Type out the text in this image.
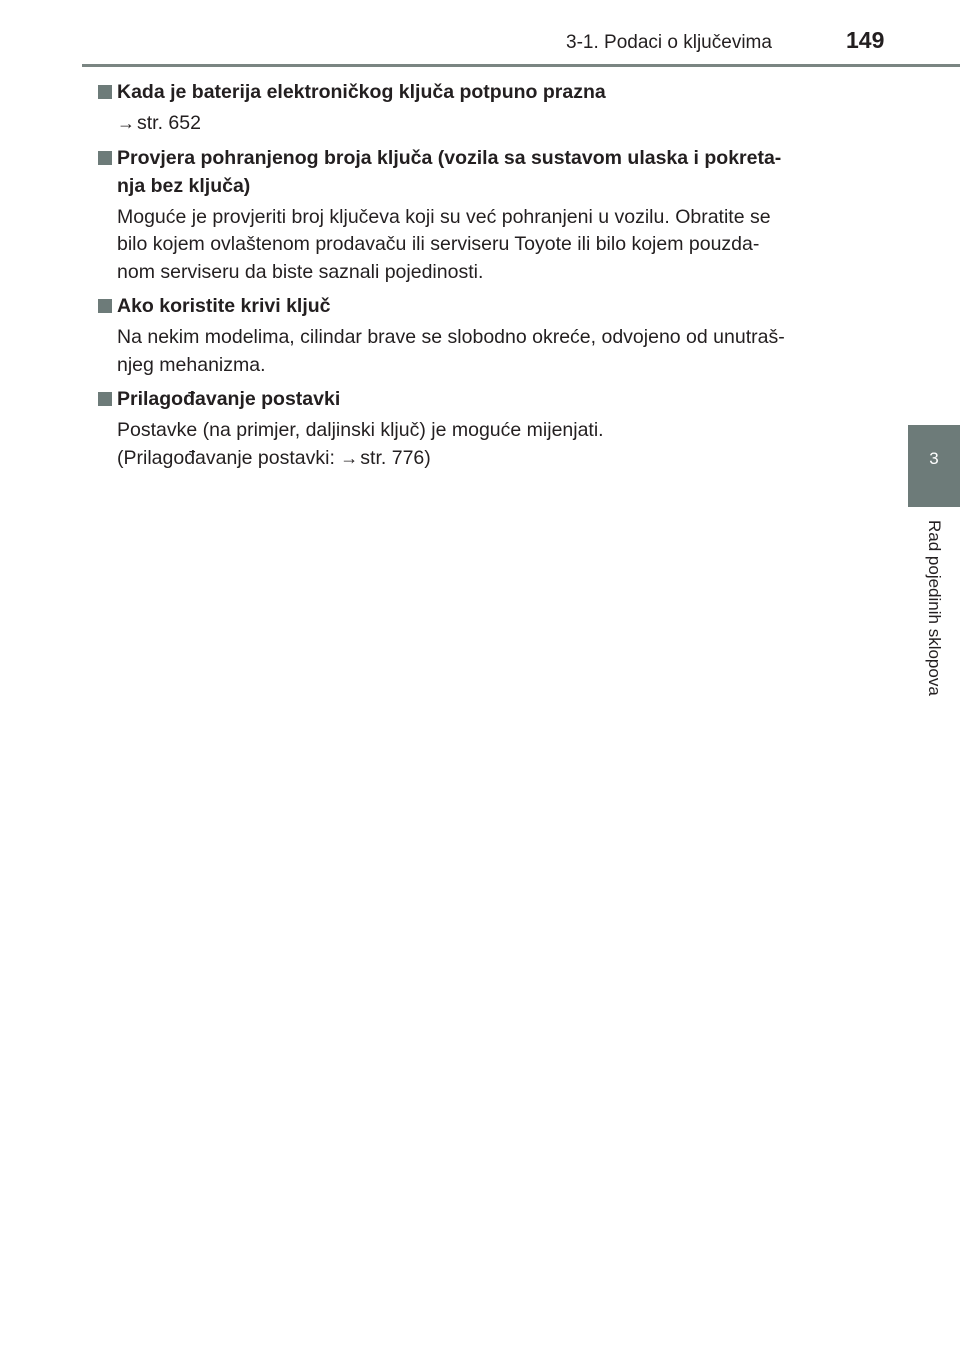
3-1. Podaci o ključevima	149
3
Rad pojedinih sklopova
Kada je baterija elektroničkog ključa potpuno prazna
→ str. 652
Provjera pohranjenog broja ključa (vozila sa sustavom ulaska i pokreta-
nja bez ključa)
Moguće je provjeriti broj ključeva koji su već pohranjeni u vozilu. Obratite se
bilo kojem ovlaštenom prodavaču ili serviseru Toyote ili bilo kojem pouzda-
nom serviseru da biste saznali pojedinosti.
Ako koristite krivi ključ
Na nekim modelima, cilindar brave se slobodno okreće, odvojeno od unutraš-
njeg mehanizma.
Prilagođavanje postavki
Postavke (na primjer, daljinski ključ) je moguće mijenjati.
(Prilagođavanje postavki: → str. 776)
